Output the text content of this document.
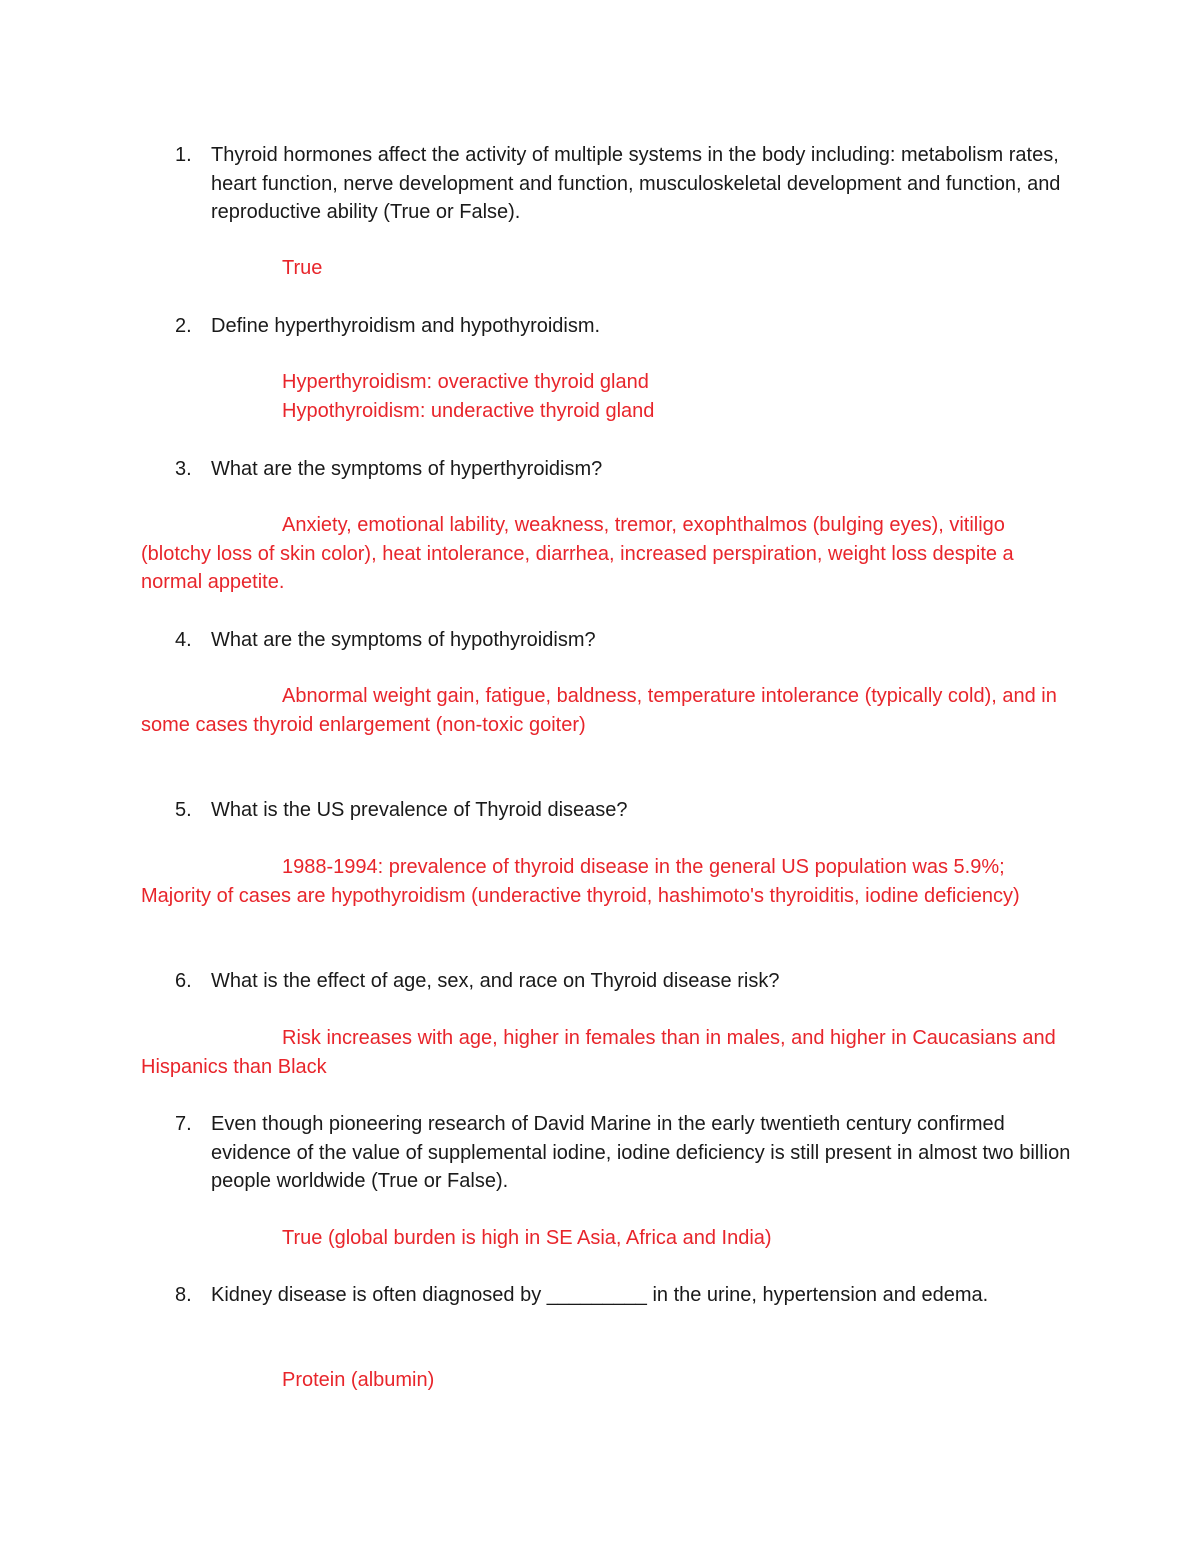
1. Thyroid hormones affect the activity of multiple systems in the body including: metabolism rates, heart function, nerve development and function, musculoskeletal development and function, and reproductive ability (True or False).
True
2. Define hyperthyroidism and hypothyroidism.
Hyperthyroidism: overactive thyroid gland
Hypothyroidism: underactive thyroid gland
3. What are the symptoms of hyperthyroidism?
Anxiety, emotional lability, weakness, tremor, exophthalmos (bulging eyes), vitiligo (blotchy loss of skin color), heat intolerance, diarrhea, increased perspiration, weight loss despite a normal appetite.
4. What are the symptoms of hypothyroidism?
Abnormal weight gain, fatigue, baldness, temperature intolerance (typically cold), and in some cases thyroid enlargement (non-toxic goiter)
5. What is the US prevalence of Thyroid disease?
1988-1994: prevalence of thyroid disease in the general US population was 5.9%; Majority of cases are hypothyroidism (underactive thyroid, hashimoto's thyroiditis, iodine deficiency)
6. What is the effect of age, sex, and race on Thyroid disease risk?
Risk increases with age, higher in females than in males, and higher in Caucasians and Hispanics than Black
7. Even though pioneering research of David Marine in the early twentieth century confirmed evidence of the value of supplemental iodine, iodine deficiency is still present in almost two billion people worldwide (True or False).
True (global burden is high in SE Asia, Africa and India)
8. Kidney disease is often diagnosed by _________ in the urine, hypertension and edema.
Protein (albumin)
